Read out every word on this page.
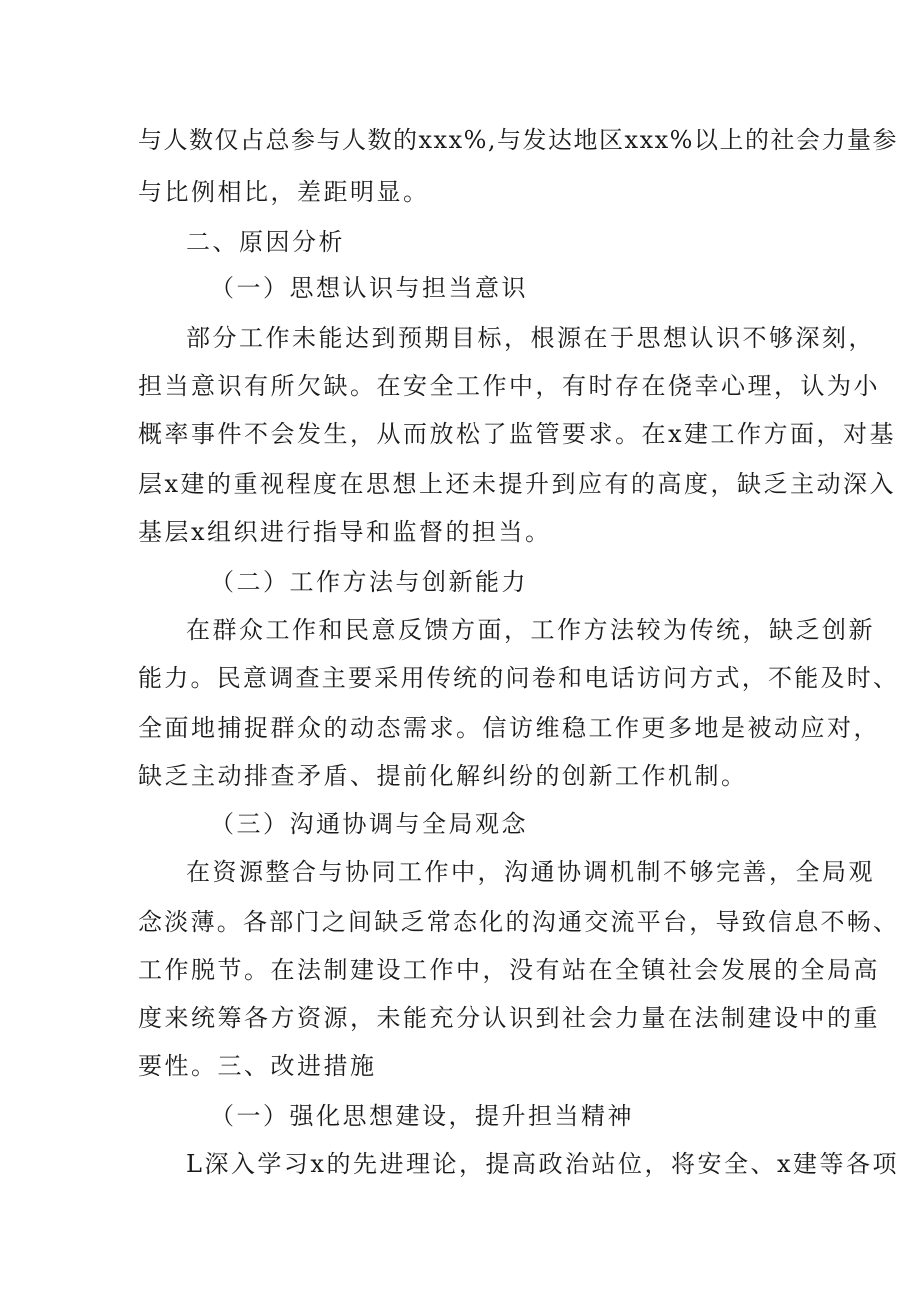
与人数仅占总参与人数的xxx%,与发达地区xxx%以上的社会力量参
与比例相比，差距明显。
二、原因分析
（一）思想认识与担当意识
部分工作未能达到预期目标，根源在于思想认识不够深刻，
担当意识有所欠缺。在安全工作中，有时存在侥幸心理，认为小
概率事件不会发生，从而放松了监管要求。在x建工作方面，对基
层x建的重视程度在思想上还未提升到应有的高度，缺乏主动深入
基层x组织进行指导和监督的担当。
（二）工作方法与创新能力
在群众工作和民意反馈方面，工作方法较为传统，缺乏创新
能力。民意调查主要采用传统的问卷和电话访问方式，不能及时、
全面地捕捉群众的动态需求。信访维稳工作更多地是被动应对，
缺乏主动排查矛盾、提前化解纠纷的创新工作机制。
（三）沟通协调与全局观念
在资源整合与协同工作中，沟通协调机制不够完善，全局观
念淡薄。各部门之间缺乏常态化的沟通交流平台，导致信息不畅、
工作脱节。在法制建设工作中，没有站在全镇社会发展的全局高
度来统筹各方资源，未能充分认识到社会力量在法制建设中的重
要性。三、改进措施
（一）强化思想建设，提升担当精神
L深入学习x的先进理论，提高政治站位，将安全、x建等各项
